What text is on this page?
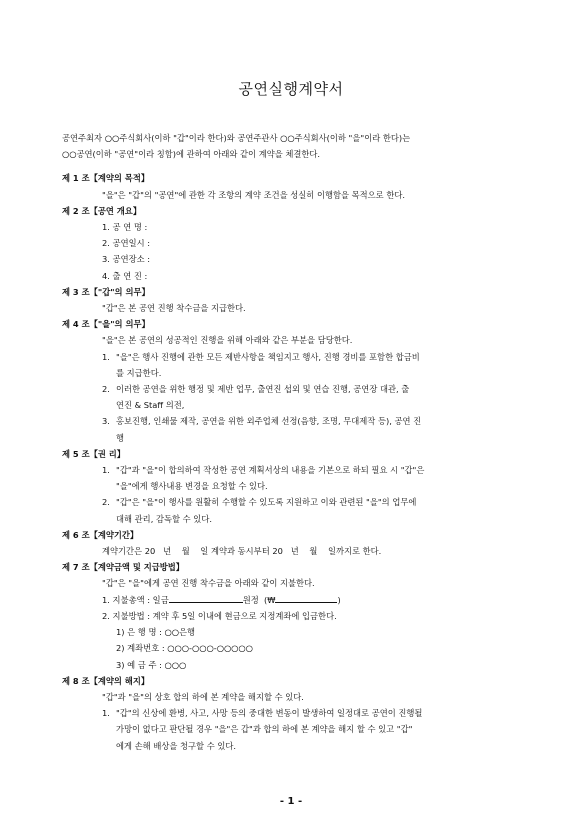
공연실행계약서

공연주최자 ○○주식회사(이하 "갑"이라 한다)와 공연주관사 ○○주식회사(이하 "을"이라 한다)는

○○공연(이하 "공연"이라 칭함)에 관하여 아래와 같이 계약을 체결한다.

제 1 조【계약의 목적】

"을"은 "갑"의 "공연"에 관한 각 조항의 계약 조건을 성실히 이행함을 목적으로 한다.

제 2 조【공연 개요】

1. 공 연 명 :

2. 공연일시 :

3. 공연장소 :

4. 출 연 진 :

제 3 조【"갑"의 의무】

"갑"은 본 공연 진행 착수금을 지급한다.

제 4 조【"을"의 의무】

"을"은 본 공연의 성공적인 진행을 위해 아래와 같은 부분을 담당한다.

1. "을"은 행사 진행에 관한 모든 제반사항을 책임지고 행사, 진행 경비를 포함한 합금비
를 지급한다.
2. 이러한 공연을 위한 행정 및 제반 업무, 출연진 섭외 및 연습 진행, 공연장 대관, 출
연진 & Staff 의전,
3. 홍보진행, 인쇄물 제작, 공연을 위한 외주업체 선정(음향, 조명, 무대제작 등), 공연 진
행

제 5 조【권 리】

1. "갑"과 "을"이 합의하여 작성한 공연 계획서상의 내용을 기본으로 하되 필요 시 "갑"은
"을"에게 행사내용 변경을 요청할 수 있다.
2. "갑"은 "을"이 행사를 원활히 수행할 수 있도록 지원하고 이와 관련된 "을"의 업무에
대해 관리, 감독할 수 있다.

제 6 조【계약기간】

계약기간은 20   년    월    일 계약과 동시부터 20   년    월    일까지로 한다.

제 7 조【계약금액 및 지급방법】

"갑"은 "을"에게 공연 진행 착수금을 아래와 같이 지불한다.

1. 지불총액 : 일금	원정  (₩	)

2. 지불방법 : 계약 후 5일 이내에 현금으로 지정계좌에 입금한다.

1) 은 행 명 : ○○은행

2) 계좌번호 : ○○○-○○○-○○○○○

3) 예 금 주 : ○○○

제 8 조【계약의 해지】

"갑"과 "을"의 상호 합의 하에 본 계약을 해지할 수 있다.

1. "갑"의 신상에 환병, 사고, 사망 등의 중대한 변동이 발생하여 일정대로 공연이 진행될
가망이 없다고 판단될 경우 "을"은 갑"과 합의 하에 본 계약을 해지 할 수 있고 "갑"
에게 손해 배상을 청구할 수 있다.
- 1 -
